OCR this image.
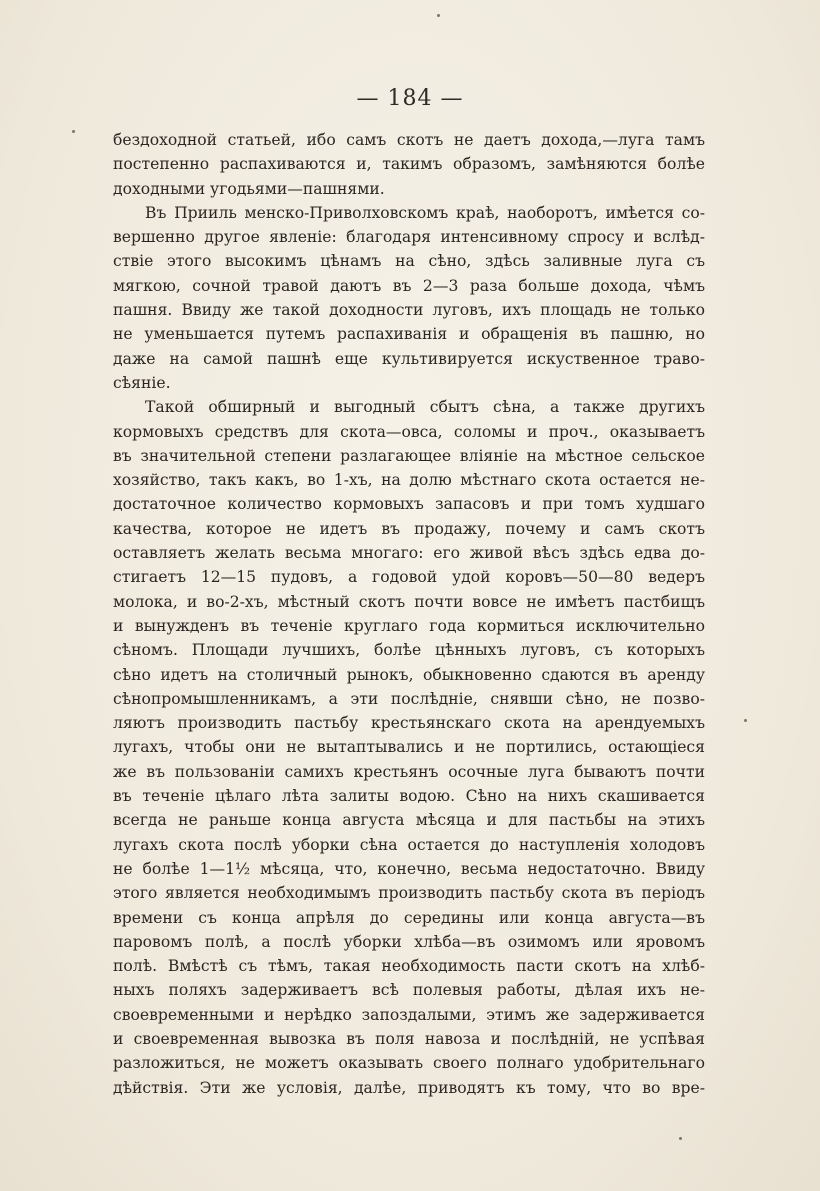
— 184 —
бездоходной статьей, ибо самъ скотъ не даетъ дохода,—луга тамъ
постепенно распахиваются и, такимъ образомъ, замѣняются болѣе
доходными угодьями—пашнями.
Въ Прииль менско-Приволховскомъ краѣ, наоборотъ, имѣется со-
вершенно другое явленіе: благодаря интенсивному спросу и вслѣд-
ствіе этого высокимъ цѣнамъ на сѣно, здѣсь заливные луга съ
мягкою, сочной травой даютъ въ 2—3 раза больше дохода, чѣмъ
пашня. Ввиду же такой доходности луговъ, ихъ площадь не только
не уменьшается путемъ распахиванія и обращенія въ пашню, но
даже на самой пашнѣ еще культивируется искуственное траво-
сѣяніе.
Такой обширный и выгодный сбытъ сѣна, а также другихъ
кормовыхъ средствъ для скота—овса, соломы и проч., оказываетъ
въ значительной степени разлагающее вліяніе на мѣстное сельское
хозяйство, такъ какъ, во 1-хъ, на долю мѣстнаго скота остается не-
достаточное количество кормовыхъ запасовъ и при томъ худшаго
качества, которое не идетъ въ продажу, почему и самъ скотъ
оставляетъ желать весьма многаго: его живой вѣсъ здѣсь едва до-
стигаетъ 12—15 пудовъ, а годовой удой коровъ—50—80 ведеръ
молока, и во-2-хъ, мѣстный скотъ почти вовсе не имѣетъ пастбищъ
и вынужденъ въ теченіе круглаго года кормиться исключительно
сѣномъ. Площади лучшихъ, болѣе цѣнныхъ луговъ, съ которыхъ
сѣно идетъ на столичный рынокъ, обыкновенно сдаются въ аренду
сѣнопромышленникамъ, а эти послѣдніе, снявши сѣно, не позво-
ляютъ производить пастьбу крестьянскаго скота на арендуемыхъ
лугахъ, чтобы они не вытаптывались и не портились, остающіеся
же въ пользованіи самихъ крестьянъ осочные луга бываютъ почти
въ теченіе цѣлаго лѣта залиты водою. Сѣно на нихъ скашивается
всегда не раньше конца августа мѣсяца и для пастьбы на этихъ
лугахъ скота послѣ уборки сѣна остается до наступленія холодовъ
не болѣе 1—1½ мѣсяца, что, конечно, весьма недостаточно. Ввиду
этого является необходимымъ производить пастьбу скота въ періодъ
времени съ конца апрѣля до середины или конца августа—въ
паровомъ полѣ, а послѣ уборки хлѣба—въ озимомъ или яровомъ
полѣ. Вмѣстѣ съ тѣмъ, такая необходимость пасти скотъ на хлѣб-
ныхъ поляхъ задерживаетъ всѣ полевыя работы, дѣлая ихъ не-
своевременными и нерѣдко запоздалыми, этимъ же задерживается
и своевременная вывозка въ поля навоза и послѣдній, не успѣвая
разложиться, не можетъ оказывать своего полнаго удобрительнаго
дѣйствія. Эти же условія, далѣе, приводятъ къ тому, что во вре-
